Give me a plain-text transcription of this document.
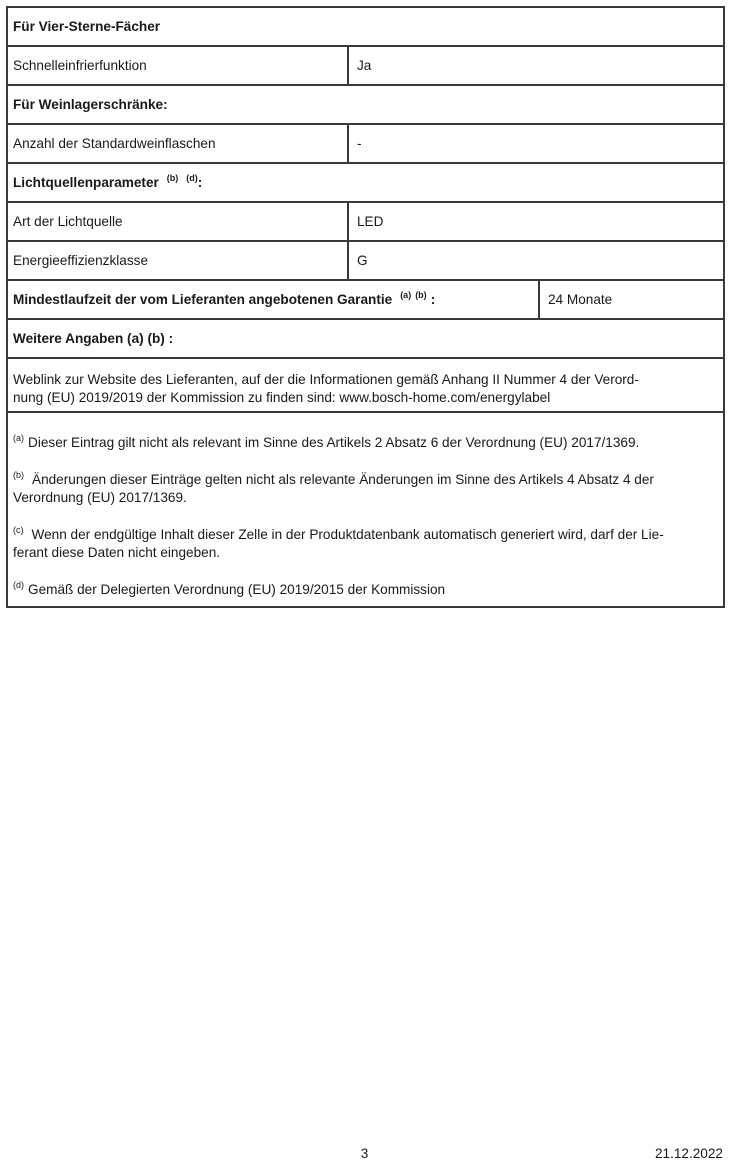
Für Vier-Sterne-Fächer		
Schnelleinfrierfunktion	Ja	
Für Weinlagerschränke:		
Anzahl der Standardweinflaschen	-	
Lichtquellenparameter $^{(b)}$ $^{(d)}$:		
Art der Lichtquelle	LED	
Energieeffizienzklasse	G	
Mindestlaufzeit der vom Lieferanten angebotenen Garantie $^{(a)}$ $^{(b)}$ :		24 Monate
Weitere Angaben (a) (b) :		

Weblink zur Website des Lieferanten, auf der die Informationen gemäß Anhang II Nummer 4 der Verord-
nung (EU) 2019/2019 der Kommission zu finden sind: www.bosch-home.com/energylabel		

$^{(a)}$ Dieser Eintrag gilt nicht als relevant im Sinne des Artikels 2 Absatz 6 der Verordnung (EU) 2017/1369.

$^{(b)}$ Änderungen dieser Einträge gelten nicht als relevante Änderungen im Sinne des Artikels 4 Absatz 4 der
Verordnung (EU) 2017/1369.

$^{(c)}$ Wenn der endgültige Inhalt dieser Zelle in der Produktdatenbank automatisch generiert wird, darf der Lie-
ferant diese Daten nicht eingeben.

$^{(d)}$ Gemäß der Delegierten Verordnung (EU) 2019/2015 der Kommission

3	21.12.2022
